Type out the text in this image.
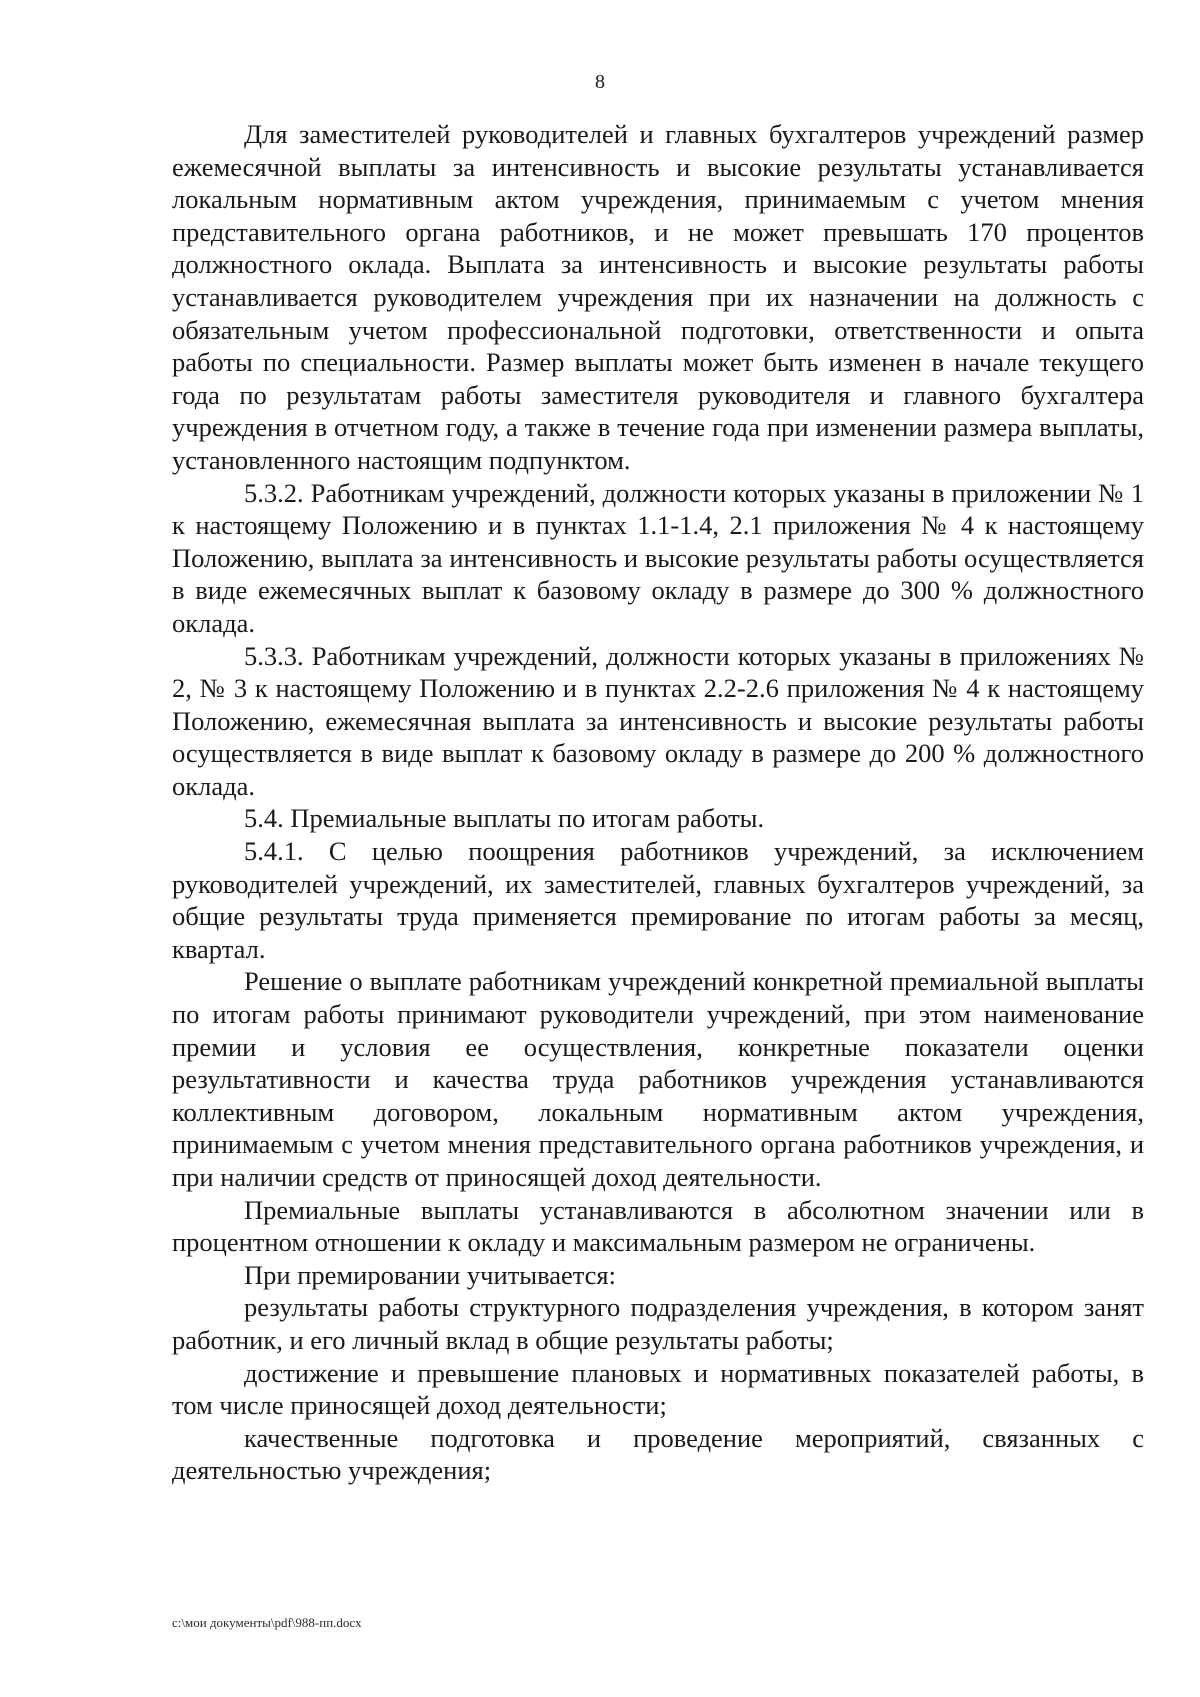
8

Для заместителей руководителей и главных бухгалтеров учреждений размер ежемесячной выплаты за интенсивность и высокие результаты устанавливается локальным нормативным актом учреждения, принимаемым с учетом мнения представительного органа работников, и не может превышать 170 процентов должностного оклада. Выплата за интенсивность и высокие результаты работы устанавливается руководителем учреждения при их назначении на должность с обязательным учетом профессиональной подготовки, ответственности и опыта работы по специальности. Размер выплаты может быть изменен в начале текущего года по результатам работы заместителя руководителя и главного бухгалтера учреждения в отчетном году, а также в течение года при изменении размера выплаты, установленного настоящим подпунктом.

5.3.2. Работникам учреждений, должности которых указаны в приложении № 1 к настоящему Положению и в пунктах 1.1-1.4, 2.1 приложения № 4 к настоящему Положению, выплата за интенсивность и высокие результаты работы осуществляется в виде ежемесячных выплат к базовому окладу в размере до 300 % должностного оклада.

5.3.3. Работникам учреждений, должности которых указаны в приложениях № 2, № 3 к настоящему Положению и в пунктах 2.2-2.6 приложения № 4 к настоящему Положению, ежемесячная выплата за интенсивность и высокие результаты работы осуществляется в виде выплат к базовому окладу в размере до 200 % должностного оклада.

5.4. Премиальные выплаты по итогам работы.

5.4.1. С целью поощрения работников учреждений, за исключением руководителей учреждений, их заместителей, главных бухгалтеров учреждений, за общие результаты труда применяется премирование по итогам работы за месяц, квартал.

Решение о выплате работникам учреждений конкретной премиальной выплаты по итогам работы принимают руководители учреждений, при этом наименование премии и условия ее осуществления, конкретные показатели оценки результативности и качества труда работников учреждения устанавливаются коллективным договором, локальным нормативным актом учреждения, принимаемым с учетом мнения представительного органа работников учреждения, и при наличии средств от приносящей доход деятельности.

Премиальные выплаты устанавливаются в абсолютном значении или в процентном отношении к окладу и максимальным размером не ограничены.

При премировании учитывается:

результаты работы структурного подразделения учреждения, в котором занят работник, и его личный вклад в общие результаты работы;

достижение и превышение плановых и нормативных показателей работы, в том числе приносящей доход деятельности;

качественные подготовка и проведение мероприятий, связанных с деятельностью учреждения;

c:\мои документы\pdf\988-пп.docx
